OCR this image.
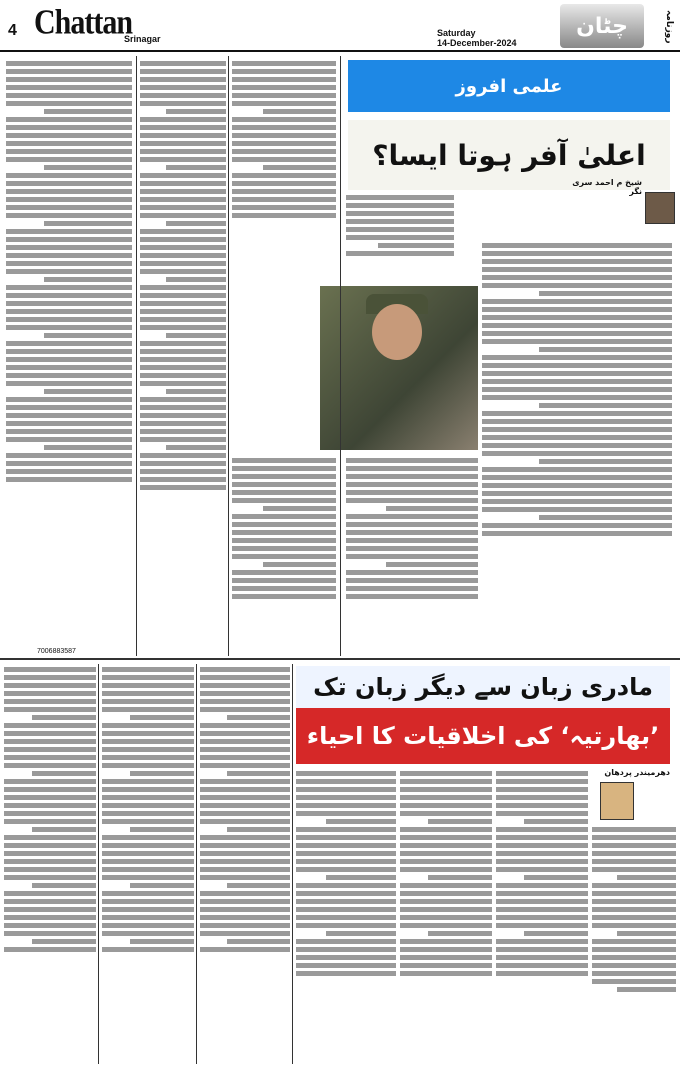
4 Chattan
Srinagar
Saturday
14-December-2024
چٹان	روزنامہ
علمی افروز
اعلیٰ آفر ہوتا ایسا؟
شیخ م احمد سری نگر
7006883587
مادری زبان سے دیگر زبان تک
’بھارتیہ‘ کی اخلاقیات کا احیاء
دھرمیندر پردھان
